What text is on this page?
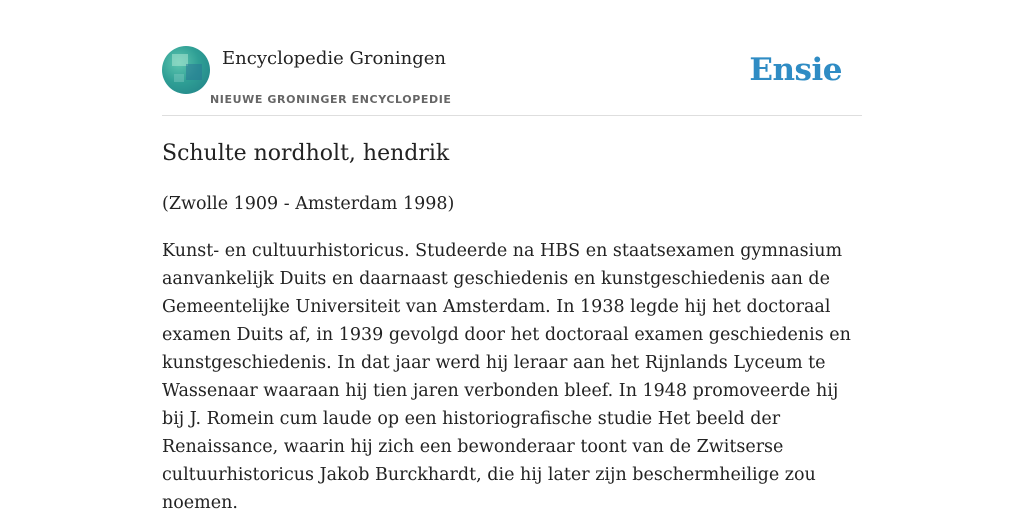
Encyclopedie Groningen
NIEUWE GRONINGER ENCYCLOPEDIE
Ensie
Schulte nordholt, hendrik

(Zwolle 1909 - Amsterdam 1998)

Kunst- en cultuurhistoricus. Studeerde na HBS en staatsexamen gymnasium aanvankelijk Duits en daarnaast geschiedenis en kunstgeschiedenis aan de Gemeentelijke Universiteit van Amsterdam. In 1938 legde hij het doctoraal examen Duits af, in 1939 gevolgd door het doctoraal examen geschiedenis en kunstgeschiedenis. In dat jaar werd hij leraar aan het Rijnlands Lyceum te Wassenaar waaraan hij tien jaren verbonden bleef. In 1948 promoveerde hij bij J. Romein cum laude op een historiografische studie Het beeld der Renaissance, waarin hij zich een bewonderaar toont van de Zwitserse cultuurhistoricus Jakob Burckhardt, die hij later zijn beschermheilige zou noemen.
